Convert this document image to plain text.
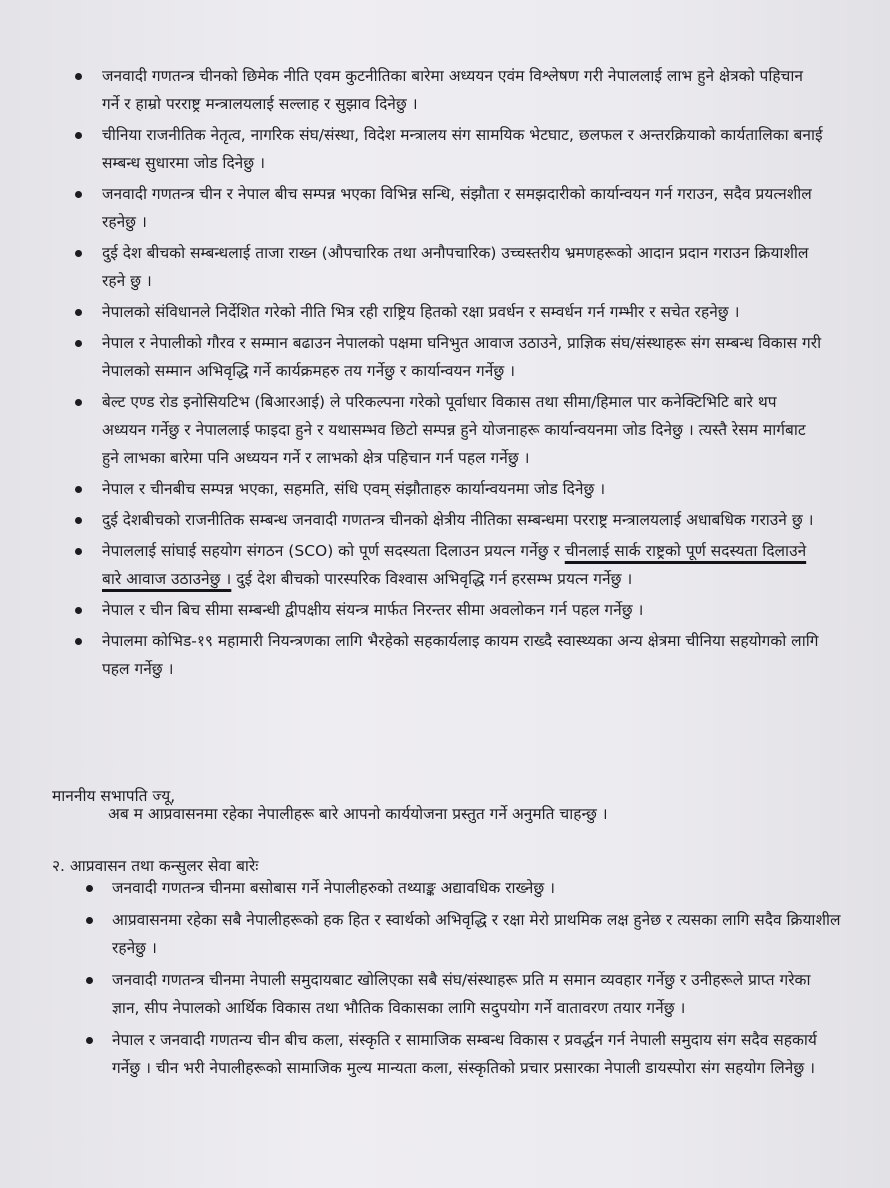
जनवादी गणतन्त्र चीनको छिमेक नीति एवम कुटनीतिका बारेमा अध्ययन एवंम विश्लेषण गरी नेपाललाई लाभ हुने क्षेत्रको पहिचान गर्ने र हाम्रो परराष्ट्र मन्त्रालयलाई सल्लाह र सुझाव दिनेछु ।
चीनिया राजनीतिक नेतृत्व, नागरिक संघ/संस्था, विदेश मन्त्रालय संग सामयिक भेटघाट, छलफल र अन्तरक्रियाको कार्यतालिका बनाई सम्बन्ध सुधारमा जोड दिनेछु ।
जनवादी गणतन्त्र चीन र नेपाल बीच सम्पन्न भएका विभिन्न सन्धि, संझौता र समझदारीको कार्यान्वयन गर्न गराउन, सदैव प्रयत्नशील रहनेछु ।
दुई देश बीचको सम्बन्धलाई ताजा राख्न (औपचारिक तथा अनौपचारिक) उच्चस्तरीय भ्रमणहरूको आदान प्रदान गराउन क्रियाशील रहने छु ।
नेपालको संविधानले निर्देशित गरेको नीति भित्र रही राष्ट्रिय हितको रक्षा प्रवर्धन र सम्वर्धन गर्न गम्भीर र सचेत रहनेछु ।
नेपाल र नेपालीको गौरव र सम्मान बढाउन नेपालको पक्षमा घनिभुत आवाज उठाउने, प्राज्ञिक संघ/संस्थाहरू संग सम्बन्ध विकास गरी नेपालको सम्मान अभिवृद्धि गर्ने कार्यक्रमहरु तय गर्नेछु र कार्यान्वयन गर्नेछु ।
बेल्ट एण्ड रोड इनोसियटिभ (बिआरआई) ले परिकल्पना गरेको पूर्वाधार विकास तथा सीमा/हिमाल पार कनेक्टिभिटि बारे थप अध्ययन गर्नेछु र नेपाललाई फाइदा हुने र यथासम्भव छिटो सम्पन्न हुने योजनाहरू कार्यान्वयनमा जोड दिनेछु । त्यस्तै रेसम मार्गबाट हुने लाभका बारेमा पनि अध्ययन गर्ने र लाभको क्षेत्र पहिचान गर्न पहल गर्नेछु ।
नेपाल र चीनबीच सम्पन्न भएका, सहमति, संधि एवम् संझौताहरु कार्यान्वयनमा जोड दिनेछु ।
दुई देशबीचको राजनीतिक सम्बन्ध जनवादी गणतन्त्र चीनको क्षेत्रीय नीतिका सम्बन्धमा परराष्ट्र मन्त्रालयलाई अधाबधिक गराउने छु ।
नेपाललाई सांघाई सहयोग संगठन (SCO) को पूर्ण सदस्यता दिलाउन प्रयत्न गर्नेछु र चीनलाई सार्क राष्ट्रको पूर्ण सदस्यता दिलाउने बारे आवाज उठाउनेछु । दुई देश बीचको पारस्परिक विश्वास अभिवृद्धि गर्न हरसम्भ प्रयत्न गर्नेछु ।
नेपाल र चीन बिच सीमा सम्बन्धी द्वीपक्षीय संयन्त्र मार्फत निरन्तर सीमा अवलोकन गर्न पहल गर्नेछु ।
नेपालमा कोभिड-१९ महामारी नियन्त्रणका लागि भैरहेको सहकार्यलाइ कायम राख्दै स्वास्थ्यका अन्य क्षेत्रमा चीनिया सहयोगको लागि पहल गर्नेछु ।
माननीय सभापति ज्यू,
अब म आप्रवासनमा रहेका नेपालीहरू बारे आपनो कार्ययोजना प्रस्तुत गर्ने अनुमति चाहन्छु ।
२. आप्रवासन तथा कन्सुलर सेवा बारेः
जनवादी गणतन्त्र चीनमा बसोबास गर्ने नेपालीहरुको तथ्याङ्क अद्यावधिक राख्नेछु ।
आप्रवासनमा रहेका सबै नेपालीहरूको हक हित र स्वार्थको अभिवृद्धि र रक्षा मेरो प्राथमिक लक्ष हुनेछ र त्यसका लागि सदैव क्रियाशील रहनेछु ।
जनवादी गणतन्त्र चीनमा नेपाली समुदायबाट खोलिएका सबै संघ/संस्थाहरू प्रति म समान व्यवहार गर्नेछु र उनीहरूले प्राप्त गरेका ज्ञान, सीप नेपालको आर्थिक विकास तथा भौतिक विकासका लागि सदुपयोग गर्ने वातावरण तयार गर्नेछु ।
नेपाल र जनवादी गणतन्य चीन बीच कला, संस्कृति र सामाजिक सम्बन्ध विकास र प्रवर्द्धन गर्न नेपाली समुदाय संग सदैव सहकार्य गर्नेछु । चीन भरी नेपालीहरूको सामाजिक मुल्य मान्यता कला, संस्कृतिको प्रचार प्रसारका नेपाली डायस्पोरा संग सहयोग लिनेछु ।
